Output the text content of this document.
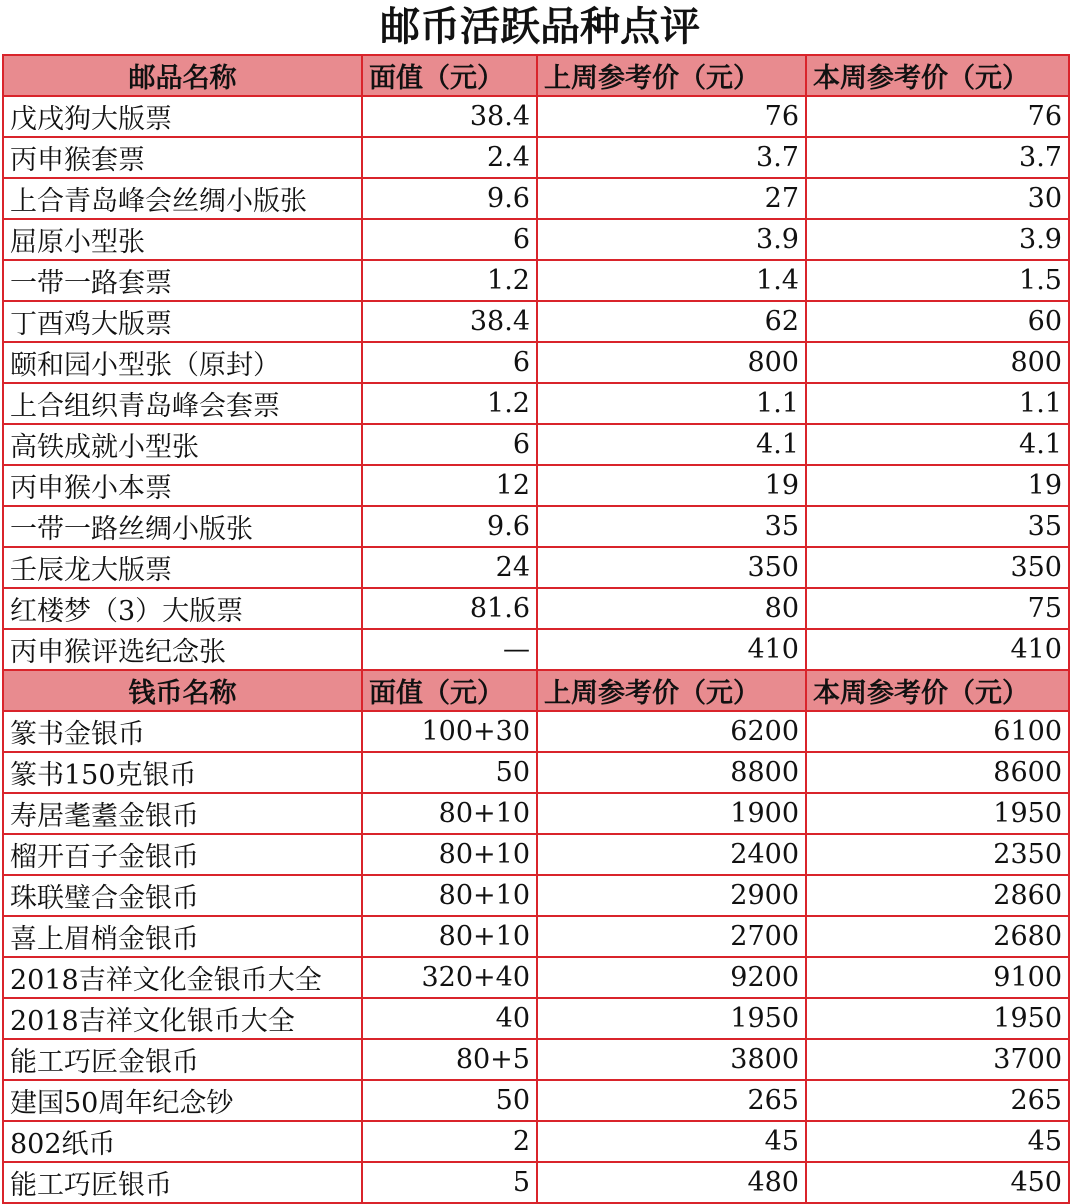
邮币活跃品种点评
邮品名称	面值（元）	上周参考价（元）	本周参考价（元）
戊戌狗大版票	38.4	76	76
丙申猴套票	2.4	3.7	3.7
上合青岛峰会丝绸小版张	9.6	27	30
屈原小型张	6	3.9	3.9
一带一路套票	1.2	1.4	1.5
丁酉鸡大版票	38.4	62	60
颐和园小型张（原封）	6	800	800
上合组织青岛峰会套票	1.2	1.1	1.1
高铁成就小型张	6	4.1	4.1
丙申猴小本票	12	19	19
一带一路丝绸小版张	9.6	35	35
壬辰龙大版票	24	350	350
红楼梦（3）大版票	81.6	80	75
丙申猴评选纪念张	—	410	410
钱币名称	面值（元）	上周参考价（元）	本周参考价（元）
篆书金银币	100+30	6200	6100
篆书150克银币	50	8800	8600
寿居耄耋金银币	80+10	1900	1950
榴开百子金银币	80+10	2400	2350
珠联璧合金银币	80+10	2900	2860
喜上眉梢金银币	80+10	2700	2680
2018吉祥文化金银币大全	320+40	9200	9100
2018吉祥文化银币大全	40	1950	1950
能工巧匠金银币	80+5	3800	3700
建国50周年纪念钞	50	265	265
802纸币	2	45	45
能工巧匠银币	5	480	450
